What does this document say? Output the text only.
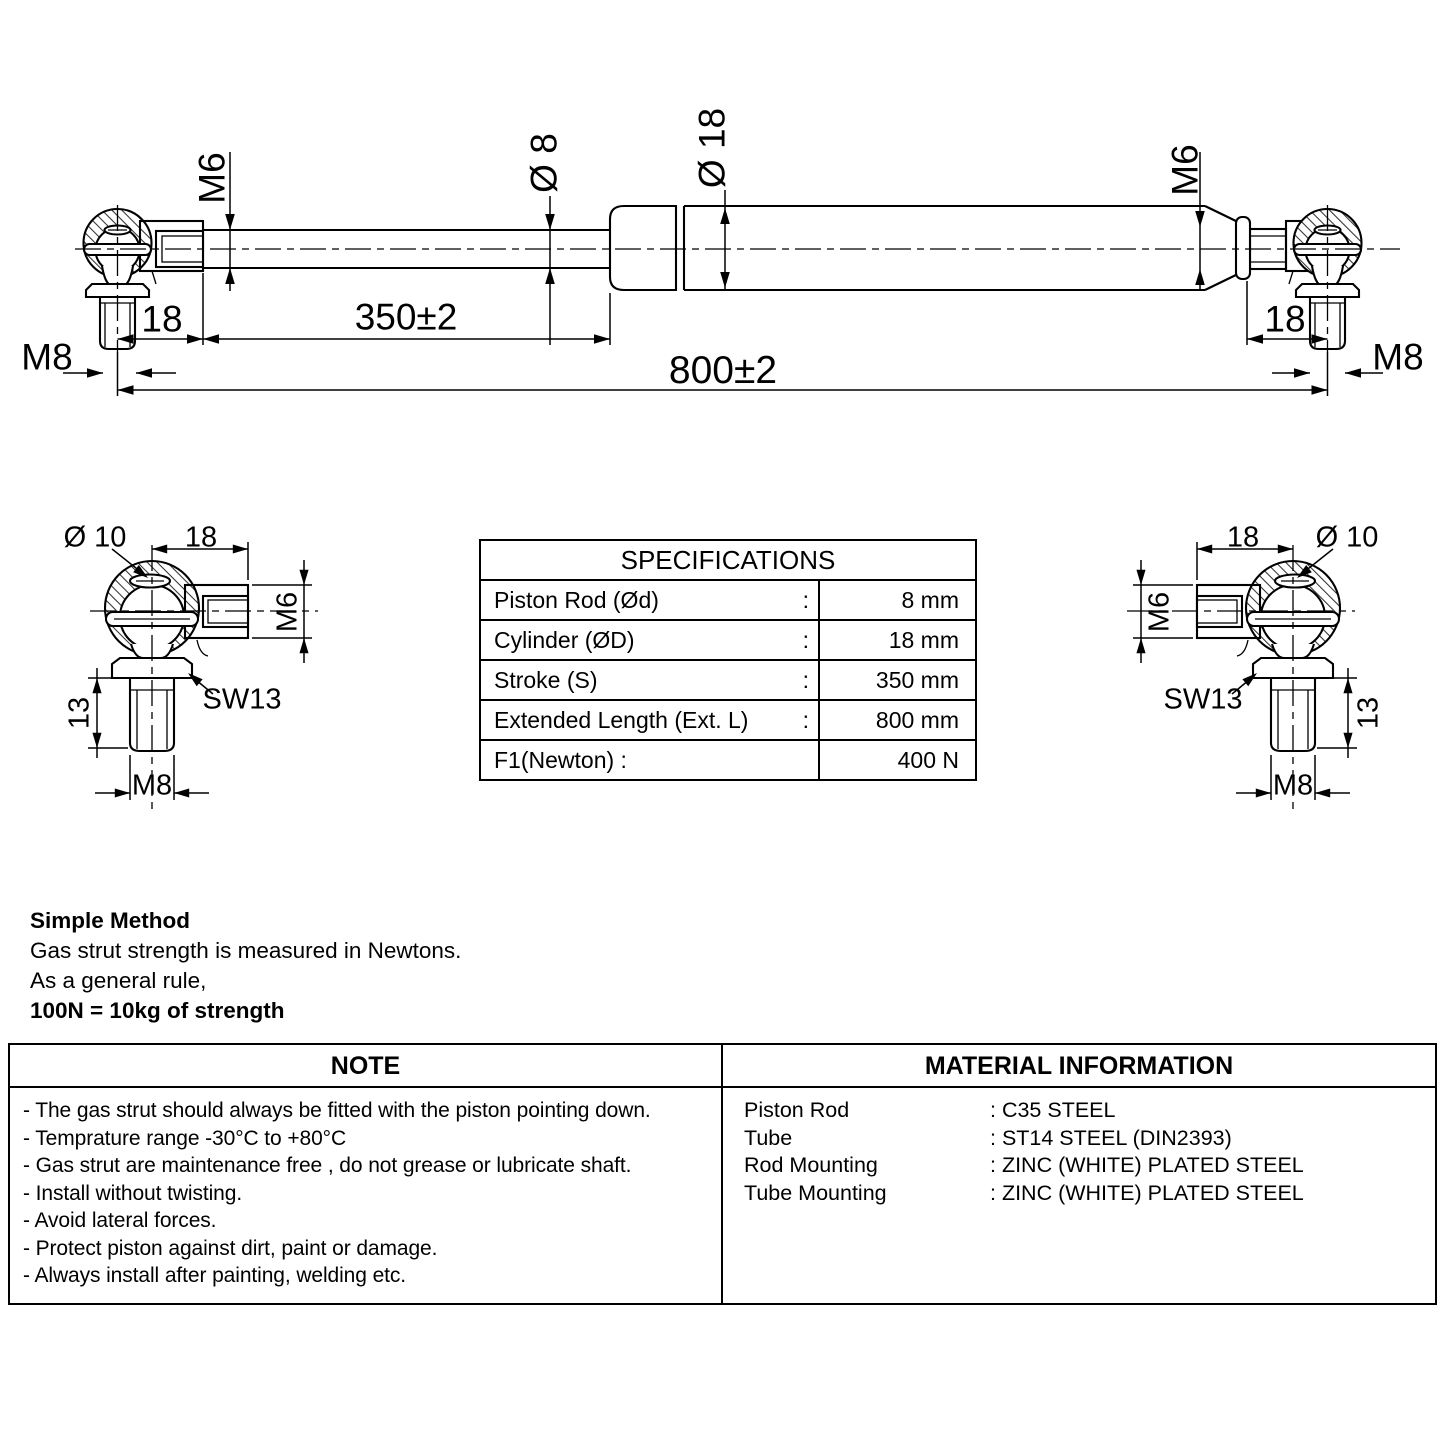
M6	Ø 8	Ø 18	M6
18	350±2	18
800±2
M8	M8
Ø 10 18
M6
SW13
13
M8
18 Ø 10
M6
SW13	13
M8
SPECIFICATIONS
Piston Rod (Ød)	:	8 mm
Cylinder (ØD)	:	18 mm
Stroke (S)	:	350 mm
Extended Length (Ext. L) :	800 mm
F1(Newton) :	400 N
Simple Method
Gas strut strength is measured in Newtons.
As a general rule,
100N = 10kg of strength
NOTE	MATERIAL INFORMATION
- The gas strut should always be fitted with the piston pointing down.
- Temprature range -30°C to +80°C
- Gas strut are maintenance free , do not grease or lubricate shaft.
- Install without twisting.
- Avoid lateral forces.
- Protect piston against dirt, paint or damage.
- Always install after painting, welding etc.
Piston Rod	: C35 STEEL
Tube	: ST14 STEEL (DIN2393)
Rod Mounting	: ZINC (WHITE) PLATED STEEL
Tube Mounting	: ZINC (WHITE) PLATED STEEL
